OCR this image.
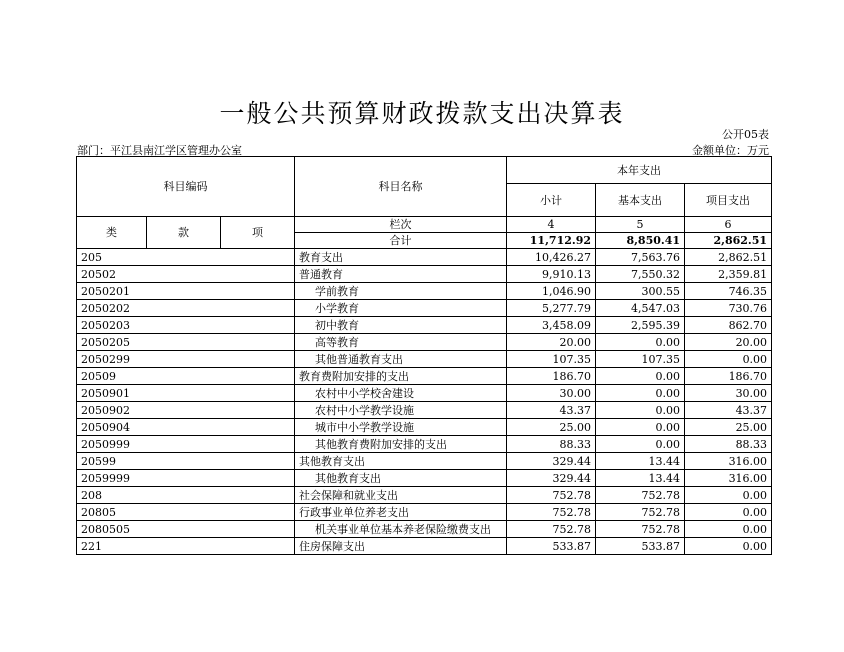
一般公共预算财政拨款支出决算表
公开05表
部门：平江县南江学区管理办公室	金额单位：万元
科目编码			科目名称	本年支出		
				小计	基本支出	项目支出
类	款	项	栏次	4	5	6
			合计	11,712.92	8,850.41	2,862.51
205			教育支出	10,426.27	7,563.76	2,862.51
20502			普通教育	9,910.13	7,550.32	2,359.81
2050201			学前教育	1,046.90	300.55	746.35
2050202			小学教育	5,277.79	4,547.03	730.76
2050203			初中教育	3,458.09	2,595.39	862.70
2050205			高等教育	20.00	0.00	20.00
2050299			其他普通教育支出	107.35	107.35	0.00
20509			教育费附加安排的支出	186.70	0.00	186.70
2050901			农村中小学校舍建设	30.00	0.00	30.00
2050902			农村中小学教学设施	43.37	0.00	43.37
2050904			城市中小学教学设施	25.00	0.00	25.00
2050999			其他教育费附加安排的支出	88.33	0.00	88.33
20599			其他教育支出	329.44	13.44	316.00
2059999			其他教育支出	329.44	13.44	316.00
208			社会保障和就业支出	752.78	752.78	0.00
20805			行政事业单位养老支出	752.78	752.78	0.00
2080505			机关事业单位基本养老保险缴费支出	752.78	752.78	0.00
221			住房保障支出	533.87	533.87	0.00
